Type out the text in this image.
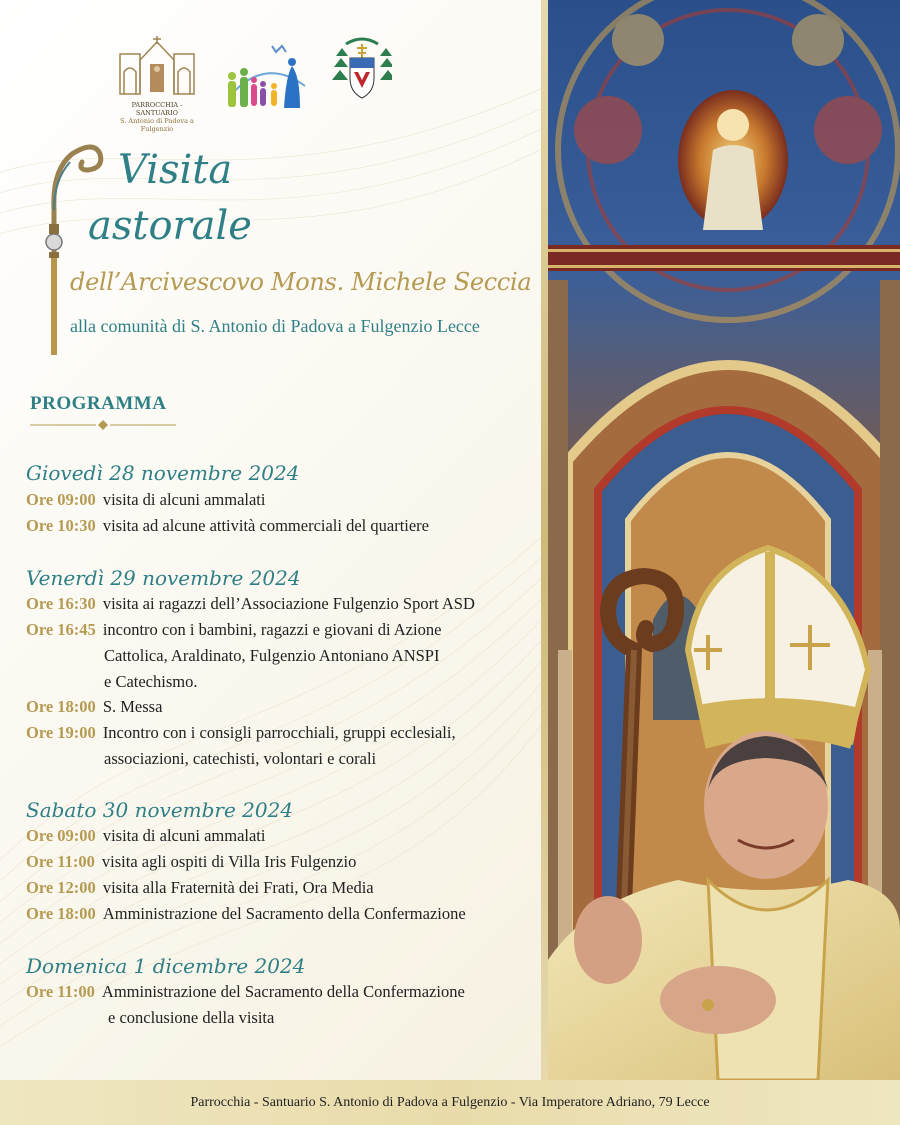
PARROCCHIA - SANTUARIO
S. Antonio di Padova a Fulgenzio
Visita
astorale
dell’Arcivescovo Mons. Michele Seccia
alla comunità di S. Antonio di Padova a Fulgenzio Lecce
PROGRAMMA
Giovedì 28 novembre 2024
Ore 09:00 visita di alcuni ammalati
Ore 10:30 visita ad alcune attività commerciali del quartiere
Venerdì 29 novembre 2024
Ore 16:30 visita ai ragazzi dell’Associazione Fulgenzio Sport ASD
Ore 16:45 incontro con i bambini, ragazzi e giovani di Azione
Cattolica, Araldinato, Fulgenzio Antoniano ANSPI
e Catechismo.
Ore 18:00 S. Messa
Ore 19:00 Incontro con i consigli parrocchiali, gruppi ecclesiali,
associazioni, catechisti, volontari e corali
Sabato 30 novembre 2024
Ore 09:00 visita di alcuni ammalati
Ore 11:00 visita agli ospiti di Villa Iris Fulgenzio
Ore 12:00 visita alla Fraternità dei Frati, Ora Media
Ore 18:00 Amministrazione del Sacramento della Confermazione
Domenica 1 dicembre 2024
Ore 11:00 Amministrazione del Sacramento della Confermazione
e conclusione della visita
Parrocchia - Santuario S. Antonio di Padova a Fulgenzio - Via Imperatore Adriano, 79 Lecce
